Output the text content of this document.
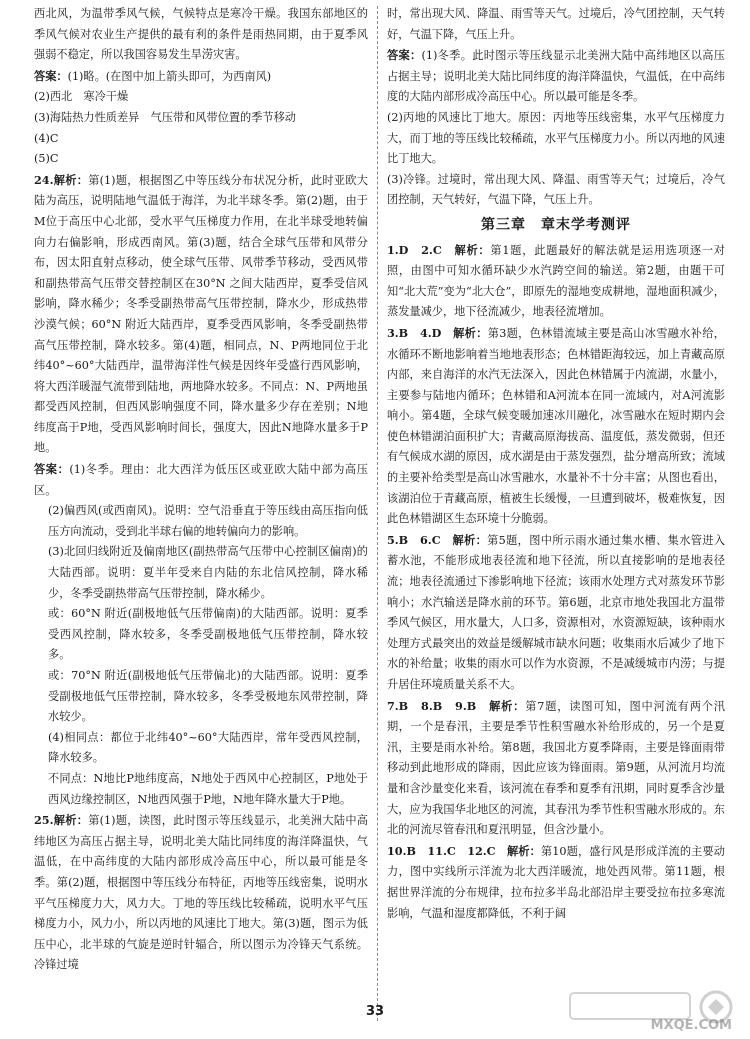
西北风，为温带季风气候，气候特点是寒冷干燥。我国东部地区的季风气候对农业生产提供的最有利的条件是雨热同期，由于夏季风强弱不稳定，所以我国容易发生旱涝灾害。

答案：(1)略。(在图中加上箭头即可，为西南风)

(2)西北　寒冷干燥

(3)海陆热力性质差异　气压带和风带位置的季节移动

(4)C

(5)C

24.解析：第(1)题，根据图乙中等压线分布状况分析，此时亚欧大陆为高压，说明陆地气温低于海洋，为北半球冬季。第(2)题，由于M位于高压中心北部，受水平气压梯度力作用，在北半球受地转偏向力右偏影响，形成西南风。第(3)题，结合全球气压带和风带分布，因太阳直射点移动，使全球气压带、风带季节移动，受西风带和副热带高气压带交替控制区在30°N 之间大陆西岸，夏季受信风影响，降水稀少；冬季受副热带高气压带控制，降水少，形成热带沙漠气候；60°N 附近大陆西岸，夏季受西风影响，冬季受副热带高气压带控制，降水较多。第(4)题，相同点，N、P两地同位于北纬40°~60°大陆西岸，温带海洋性气候是因终年受盛行西风影响，将大西洋暖湿气流带到陆地，两地降水较多。不同点：N、P两地虽都受西风控制，但西风影响强度不同，降水量多少存在差别；N地纬度高于P地，受西风影响时间长，强度大，因此N地降水量多于P地。

答案：(1)冬季。理由：北大西洋为低压区或亚欧大陆中部为高压区。

(2)偏西风(或西南风)。说明：空气沿垂直于等压线由高压指向低压方向流动，受到北半球右偏的地转偏向力的影响。

(3)北回归线附近及偏南地区(副热带高气压带中心控制区偏南)的大陆西部。说明：夏半年受来自内陆的东北信风控制，降水稀少，冬季受副热带高气压带控制，降水稀少。

或：60°N 附近(副极地低气压带偏南)的大陆西部。说明：夏季受西风控制，降水较多，冬季受副极地低气压带控制，降水较多。

或：70°N 附近(副极地低气压带偏北)的大陆西部。说明：夏季受副极地低气压带控制，降水较多，冬季受极地东风带控制，降水较少。

(4)相同点：都位于北纬40°~60°大陆西岸，常年受西风控制，降水较多。

不同点：N地比P地纬度高，N地处于西风中心控制区，P地处于西风边缘控制区，N地西风强于P地，N地年降水量大于P地。

25.解析：第(1)题，读图，此时图示等压线显示，北美洲大陆中高纬地区为高压占据主导，说明北美大陆比同纬度的海洋降温快，气温低，在中高纬度的大陆内部形成冷高压中心，所以最可能是冬季。第(2)题，根据图中等压线分布特征，丙地等压线密集，说明水平气压梯度力大，风力大。丁地的等压线比较稀疏，说明水平气压梯度力小，风力小，所以丙地的风速比丁地大。第(3)题，图示为低压中心，北半球的气旋是逆时针辐合，所以图示为冷锋天气系统。冷锋过境

时，常出现大风、降温、雨雪等天气。过境后，冷气团控制，天气转好，气温下降，气压上升。

答案：(1)冬季。此时图示等压线显示北美洲大陆中高纬地区以高压占据主导；说明北美大陆比同纬度的海洋降温快，气温低，在中高纬度的大陆内部形成冷高压中心。所以最可能是冬季。

(2)丙地的风速比丁地大。原因：丙地等压线密集，水平气压梯度力大，而丁地的等压线比较稀疏，水平气压梯度力小。所以丙地的风速比丁地大。

(3)冷锋。过境时，常出现大风、降温、雨雪等天气；过境后，冷气团控制，天气转好，气温下降，气压上升。

第三章　章末学考测评

1.D　2.C　解析：第1题，此题最好的解法就是运用选项逐一对照，由图中可知水循环缺少水汽跨空间的输送。第2题，由题干可知“北大荒”变为“北大仓”，即原先的湿地变成耕地，湿地面积减少，蒸发量减少，地下径流减少，地表径流增加。

3.B　4.D　解析：第3题，色林错流域主要是高山冰雪融水补给，水循环不断地影响着当地地表形态；色林错距海较远，加上青藏高原内部，来自海洋的水汽无法深入，因此色林错属于内流湖，水量小，主要参与陆地内循环；色林错和A河流本在同一流域内，对A河流影响小。第4题，全球气候变暖加速冰川融化，冰雪融水在短时期内会使色林错湖泊面积扩大；青藏高原海拔高、温度低，蒸发微弱，但还有气候成水湖的原因，成水湖是由于蒸发强烈，盐分增高所致；流域的主要补给类型是高山冰雪融水，水量补不十分丰富；从图也看出，该湖泊位于青藏高原，植被生长缓慢，一旦遭到破坏，极难恢复，因此色林错湖区生态环境十分脆弱。

5.B　6.C　解析：第5题，图中所示雨水通过集水槽、集水管进入蓄水池，不能形成地表径流和地下径流，所以直接影响的是地表径流；地表径流通过下渗影响地下径流；该雨水处理方式对蒸发环节影响小；水汽输送是降水前的环节。第6题，北京市地处我国北方温带季风气候区，用水量大，人口多，资源相对，水资源短缺，该种雨水处理方式最突出的效益是缓解城市缺水问题；收集雨水后减少了地下水的补给量；收集的雨水可以作为水资源，不是减缓城市内涝；与提升居住环境质量关系不大。

7.B　8.B　9.B　解析：第7题，读图可知，图中河流有两个汛期，一个是春汛，主要是季节性积雪融水补给形成的，另一个是夏汛，主要是雨水补给。第8题，我国北方夏季降雨，主要是锋面雨带移动到此地形成的降雨，因此应该为锋面雨。第9题，从河流月均流量和含沙量变化来看，该河流在春季和夏季有汛期，同时夏季含沙量大，应为我国华北地区的河流，其春汛为季节性积雪融水形成的。东北的河流尽管春汛和夏汛明显，但含沙量小。

10.B　11.C　12.C　解析：第10题，盛行风是形成洋流的主要动力，图中实线所示洋流为北大西洋暖流，地处西风带。第11题，根据世界洋流的分布规律，拉布拉多半岛北部沿岸主要受拉布拉多寒流影响，气温和湿度都降低，不利于阔

33
MXQE.COM
